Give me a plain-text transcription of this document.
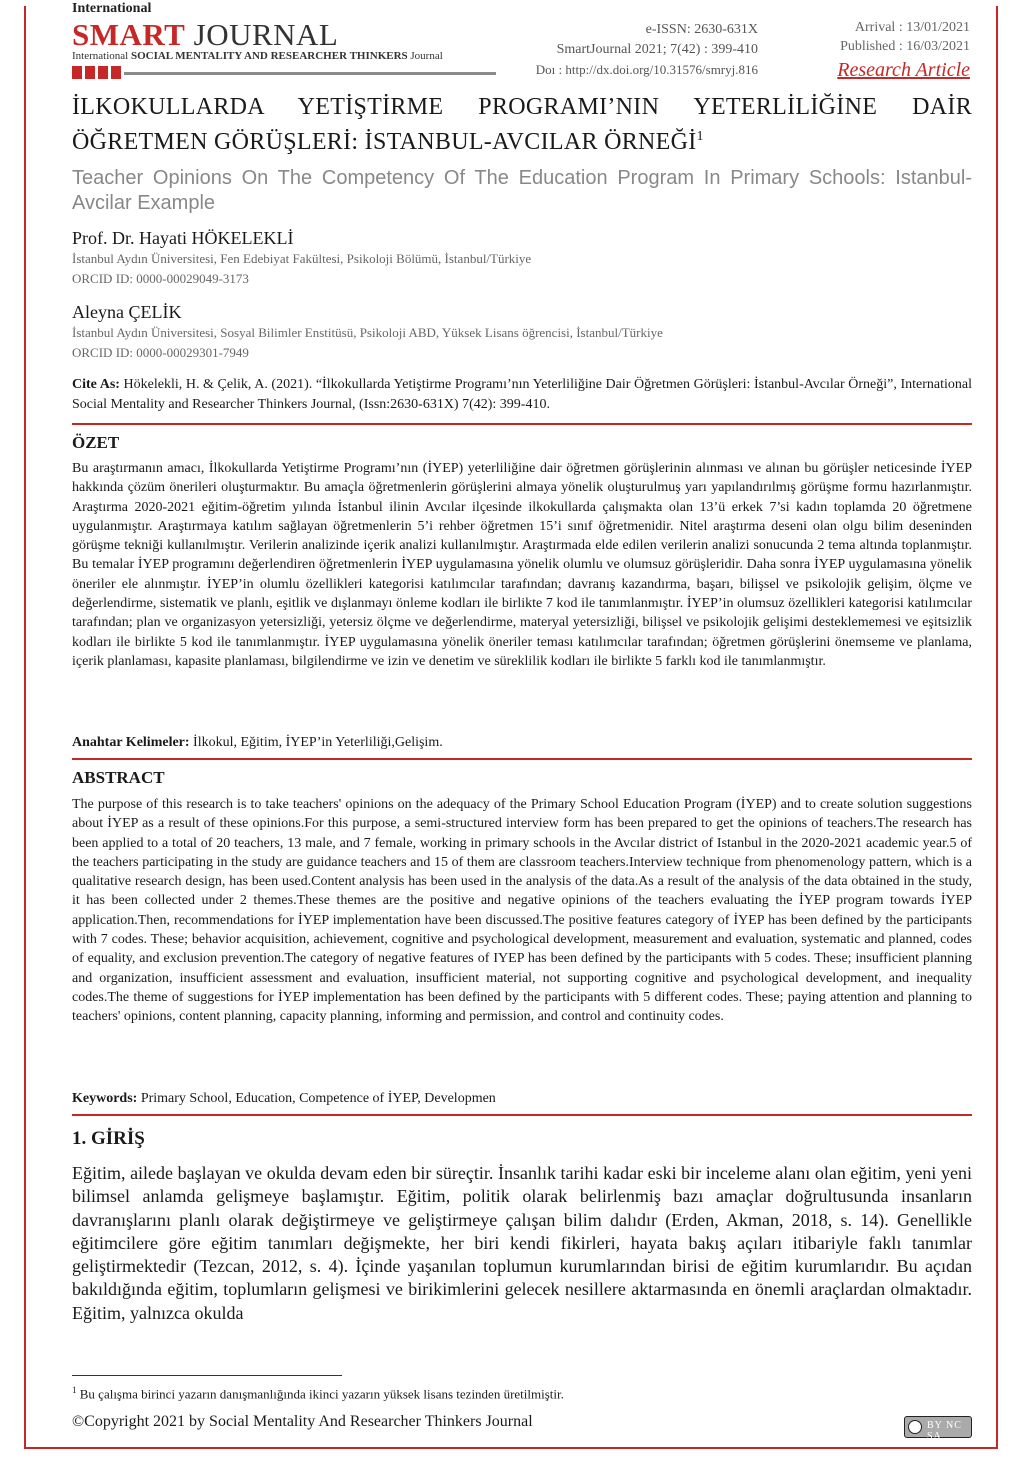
International
SMART JOURNAL
International SOCIAL MENTALITY AND RESEARCHER THINKERS Journal
e-ISSN: 2630-631X
SmartJournal 2021; 7(42) : 399-410
Doı : http://dx.doi.org/10.31576/smryj.816
Arrival : 13/01/2021
Published : 16/03/2021
Research Article
İLKOKULLARDA YETİŞTİRME PROGRAMI’NIN YETERLİLİĞİNE DAİR ÖĞRETMEN GÖRÜŞLERİ: İSTANBUL-AVCILAR ÖRNEĞİ$^1$
Teacher Opinions On The Competency Of The Education Program In Primary Schools: Istanbul-Avcilar Example
Prof. Dr. Hayati HÖKELEKLİ
İstanbul Aydın Üniversitesi, Fen Edebiyat Fakültesi, Psikoloji Bölümü, İstanbul/Türkiye
ORCID ID: 0000-00029049-3173
Aleyna ÇELİK
İstanbul Aydın Üniversitesi, Sosyal Bilimler Enstitüsü, Psikoloji ABD, Yüksek Lisans öğrencisi, İstanbul/Türkiye
ORCID ID: 0000-00029301-7949
Cite As: Hökelekli, H. & Çelik, A. (2021). “İlkokullarda Yetiştirme Programı’nın Yeterliliğine Dair Öğretmen Görüşleri: İstanbul-Avcılar Örneği”, International Social Mentality and Researcher Thinkers Journal, (Issn:2630-631X) 7(42): 399-410.
ÖZET
Bu araştırmanın amacı, İlkokullarda Yetiştirme Programı’nın (İYEP) yeterliliğine dair öğretmen görüşlerinin alınması ve alınan bu görüşler neticesinde İYEP hakkında çözüm önerileri oluşturmaktır. Bu amaçla öğretmenlerin görüşlerini almaya yönelik oluşturulmuş yarı yapılandırılmış görüşme formu hazırlanmıştır. Araştırma 2020-2021 eğitim-öğretim yılında İstanbul ilinin Avcılar ilçesinde ilkokullarda çalışmakta olan 13’ü erkek 7’si kadın toplamda 20 öğretmene uygulanmıştır. Araştırmaya katılım sağlayan öğretmenlerin 5’i rehber öğretmen 15’i sınıf öğretmenidir. Nitel araştırma deseni olan olgu bilim deseninden görüşme tekniği kullanılmıştır. Verilerin analizinde içerik analizi kullanılmıştır. Araştırmada elde edilen verilerin analizi sonucunda 2 tema altında toplanmıştır. Bu temalar İYEP programını değerlendiren öğretmenlerin İYEP uygulamasına yönelik olumlu ve olumsuz görüşleridir. Daha sonra İYEP uygulamasına yönelik öneriler ele alınmıştır. İYEP’in olumlu özellikleri kategorisi katılımcılar tarafından; davranış kazandırma, başarı, bilişsel ve psikolojik gelişim, ölçme ve değerlendirme, sistematik ve planlı, eşitlik ve dışlanmayı önleme kodları ile birlikte 7 kod ile tanımlanmıştır. İYEP’in olumsuz özellikleri kategorisi katılımcılar tarafından; plan ve organizasyon yetersizliği, yetersiz ölçme ve değerlendirme, materyal yetersizliği, bilişsel ve psikolojik gelişimi desteklememesi ve eşitsizlik kodları ile birlikte 5 kod ile tanımlanmıştır. İYEP uygulamasına yönelik öneriler teması katılımcılar tarafından; öğretmen görüşlerini önemseme ve planlama, içerik planlaması, kapasite planlaması, bilgilendirme ve izin ve denetim ve süreklilik kodları ile birlikte 5 farklı kod ile tanımlanmıştır.
Anahtar Kelimeler: İlkokul, Eğitim, İYEP’in Yeterliliği,Gelişim.
ABSTRACT
The purpose of this research is to take teachers' opinions on the adequacy of the Primary School Education Program (İYEP) and to create solution suggestions about İYEP as a result of these opinions.For this purpose, a semi-structured interview form has been prepared to get the opinions of teachers.The research has been applied to a total of 20 teachers, 13 male, and 7 female, working in primary schools in the Avcılar district of Istanbul in the 2020-2021 academic year.5 of the teachers participating in the study are guidance teachers and 15 of them are classroom teachers.Interview technique from phenomenology pattern, which is a qualitative research design, has been used.Content analysis has been used in the analysis of the data.As a result of the analysis of the data obtained in the study, it has been collected under 2 themes.These themes are the positive and negative opinions of the teachers evaluating the İYEP program towards İYEP application.Then, recommendations for İYEP implementation have been discussed.The positive features category of İYEP has been defined by the participants with 7 codes. These; behavior acquisition, achievement, cognitive and psychological development, measurement and evaluation, systematic and planned, codes of equality, and exclusion prevention.The category of negative features of IYEP has been defined by the participants with 5 codes. These; insufficient planning and organization, insufficient assessment and evaluation, insufficient material, not supporting cognitive and psychological development, and inequality codes.The theme of suggestions for İYEP implementation has been defined by the participants with 5 different codes. These; paying attention and planning to teachers' opinions, content planning, capacity planning, informing and permission, and control and continuity codes.
Keywords: Primary School, Education, Competence of İYEP, Developmen
1. GİRİŞ
Eğitim, ailede başlayan ve okulda devam eden bir süreçtir. İnsanlık tarihi kadar eski bir inceleme alanı olan eğitim, yeni yeni bilimsel anlamda gelişmeye başlamıştır. Eğitim, politik olarak belirlenmiş bazı amaçlar doğrultusunda insanların davranışlarını planlı olarak değiştirmeye ve geliştirmeye çalışan bilim dalıdır (Erden, Akman, 2018, s. 14). Genellikle eğitimcilere göre eğitim tanımları değişmekte, her biri kendi fikirleri, hayata bakış açıları itibariyle faklı tanımlar geliştirmektedir (Tezcan, 2012, s. 4). İçinde yaşanılan toplumun kurumlarından birisi de eğitim kurumlarıdır. Bu açıdan bakıldığında eğitim, toplumların gelişmesi ve birikimlerini gelecek nesillere aktarmasında en önemli araçlardan olmaktadır. Eğitim, yalnızca okulda
$^1$ Bu çalışma birinci yazarın danışmanlığında ikinci yazarın yüksek lisans tezinden üretilmiştir.
©Copyright 2021 by Social Mentality And Researcher Thinkers Journal	BY NC SA
